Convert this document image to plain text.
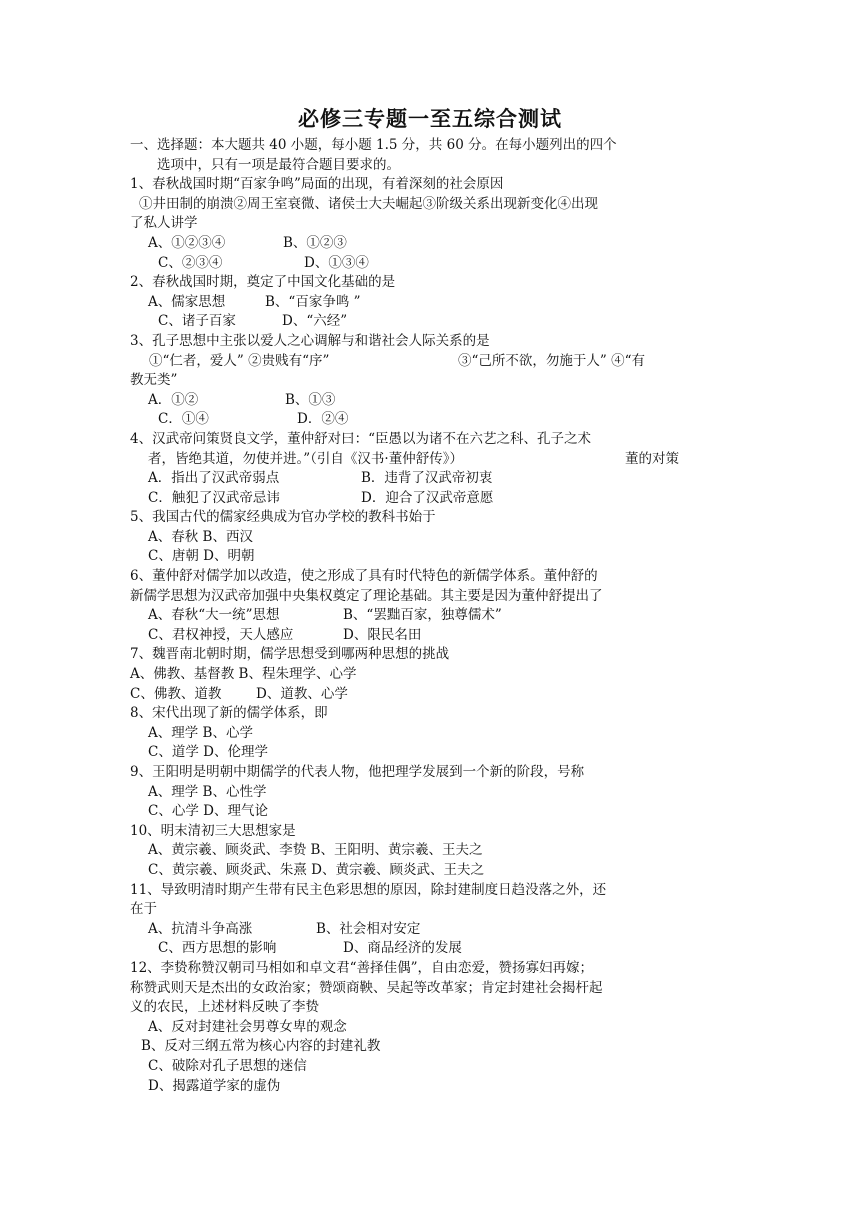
必修三专题一至五综合测试
一、选择题：本大题共 40 小题，每小题 1.5 分，共 60 分。在每小题列出的四个
选项中，只有一项是最符合题目要求的。
1、春秋战国时期“百家争鸣”局面的出现，有着深刻的社会原因
①井田制的崩溃②周王室衰微、诸侯士大夫崛起③阶级关系出现新变化④出现
了私人讲学
A、①②③④	B、①②③
C、②③④	D、①③④
2、春秋战国时期，奠定了中国文化基础的是
A、儒家思想	B、“百家争鸣 ”
C、诸子百家	D、“六经”
3、孔子思想中主张以爱人之心调解与和谐社会人际关系的是
①“仁者，爱人” ②贵贱有“序”	③“己所不欲，勿施于人” ④“有
教无类”
A．①②	B、①③
C．①④	D．②④
4、汉武帝问策贤良文学，董仲舒对曰：“臣愚以为诸不在六艺之科、孔子之术
者，皆绝其道，勿使并进。”（引自《汉书·董仲舒传》）	董的对策
A．指出了汉武帝弱点	B．违背了汉武帝初衷
C．触犯了汉武帝忌讳	D．迎合了汉武帝意愿
5、我国古代的儒家经典成为官办学校的教科书始于
A、春秋 B、西汉
C、唐朝 D、明朝
6、董仲舒对儒学加以改造，使之形成了具有时代特色的新儒学体系。董仲舒的
新儒学思想为汉武帝加强中央集权奠定了理论基础。其主要是因为董仲舒提出了
A、春秋“大一统”思想	B、“罢黜百家，独尊儒术”
C、君权神授，天人感应	D、限民名田
7、魏晋南北朝时期，儒学思想受到哪两种思想的挑战
A、佛教、基督教 B、程朱理学、心学
C、佛教、道教	D、道教、心学
8、宋代出现了新的儒学体系，即
A、理学 B、心学
C、道学 D、伦理学
9、王阳明是明朝中期儒学的代表人物，他把理学发展到一个新的阶段，号称
A、理学 B、心性学
C、心学 D、理气论
10、明末清初三大思想家是
A、黄宗羲、顾炎武、李贽 B、王阳明、黄宗羲、王夫之
C、黄宗羲、顾炎武、朱熹 D、黄宗羲、顾炎武、王夫之
11、导致明清时期产生带有民主色彩思想的原因，除封建制度日趋没落之外，还
在于
A、抗清斗争高涨	B、社会相对安定
C、西方思想的影响	D、商品经济的发展
12、李贽称赞汉朝司马相如和卓文君“善择佳偶”，自由恋爱，赞扬寡妇再嫁；
称赞武则天是杰出的女政治家；赞颂商鞅、吴起等改革家；肯定封建社会揭杆起
义的农民，上述材料反映了李贽
A、反对封建社会男尊女卑的观念
B、反对三纲五常为核心内容的封建礼教
C、破除对孔子思想的迷信
D、揭露道学家的虚伪
